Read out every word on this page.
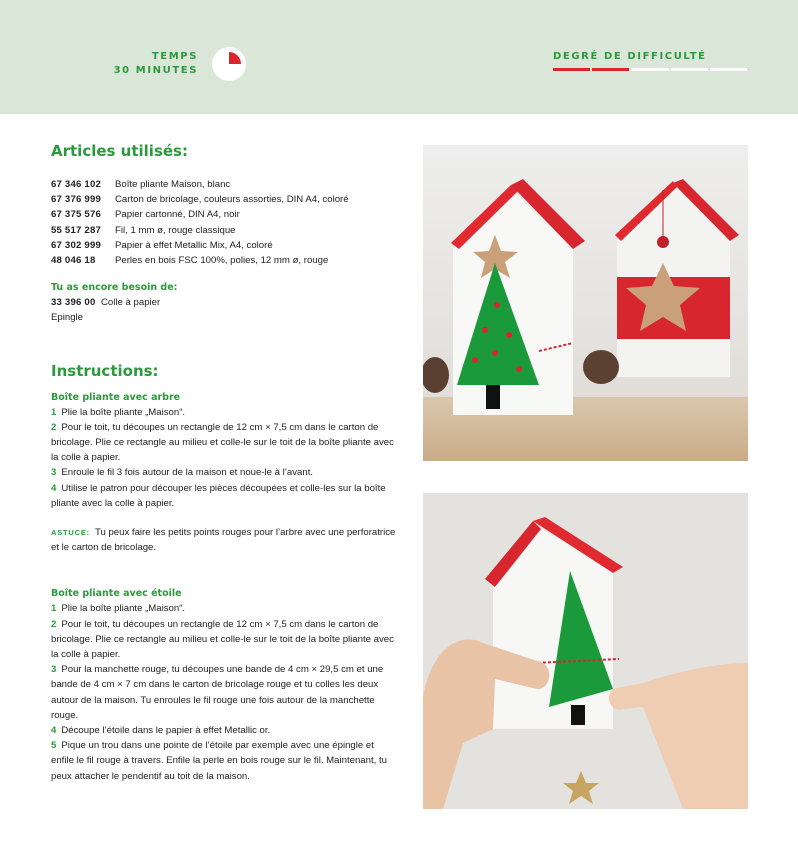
TEMPS
30 MINUTES
DEGRÉ DE DIFFICULTÉ
Articles utilisés:
67 346 102	Boîte pliante Maison, blanc
67 376 999	Carton de bricolage, couleurs assorties, DIN A4, coloré
67 375 576	Papier cartonné, DIN A4, noir
55 517 287	Fil, 1 mm ø, rouge classique
67 302 999	Papier à effet Metallic Mix, A4, coloré
48 046 18	Perles en bois FSC 100%, polies, 12 mm ø, rouge
Tu as encore besoin de:
33 396 00 Colle à papier
Epingle
Instructions:
Boîte pliante avec arbre
1 Plie la boîte pliante „Maison“.
2 Pour le toit, tu découpes un rectangle de 12 cm × 7,5 cm dans le carton de bricolage. Plie ce rectangle au milieu et colle-le sur le toit de la boîte pliante avec la colle à papier.
3 Enroule le fil 3 fois autour de la maison et noue-le à l’avant.
4 Utilise le patron pour découper les pièces découpées et colle-les sur la boîte pliante avec la colle à papier.
ASTUCE: Tu peux faire les petits points rouges pour l’arbre avec une perforatrice et le carton de bricolage.
Boîte pliante avec étoile
1 Plie la boîte pliante „Maison“.
2 Pour le toit, tu découpes un rectangle de 12 cm × 7,5 cm dans le carton de bricolage. Plie ce rectangle au milieu et colle-le sur le toit de la boîte pliante avec la colle à papier.
3 Pour la manchette rouge, tu découpes une bande de 4 cm × 29,5 cm et une bande de 4 cm × 7 cm dans le carton de bricolage rouge et tu colles les deux autour de la maison. Tu enroules le fil rouge une fois autour de la manchette rouge.
4 Découpe l’étoile dans le papier à effet Metallic or.
5 Pique un trou dans une pointe de l’étoile par exemple avec une épingle et enfile le fil rouge à travers. Enfile la perle en bois rouge sur le fil. Maintenant, tu peux attacher le pendentif au toit de la maison.
